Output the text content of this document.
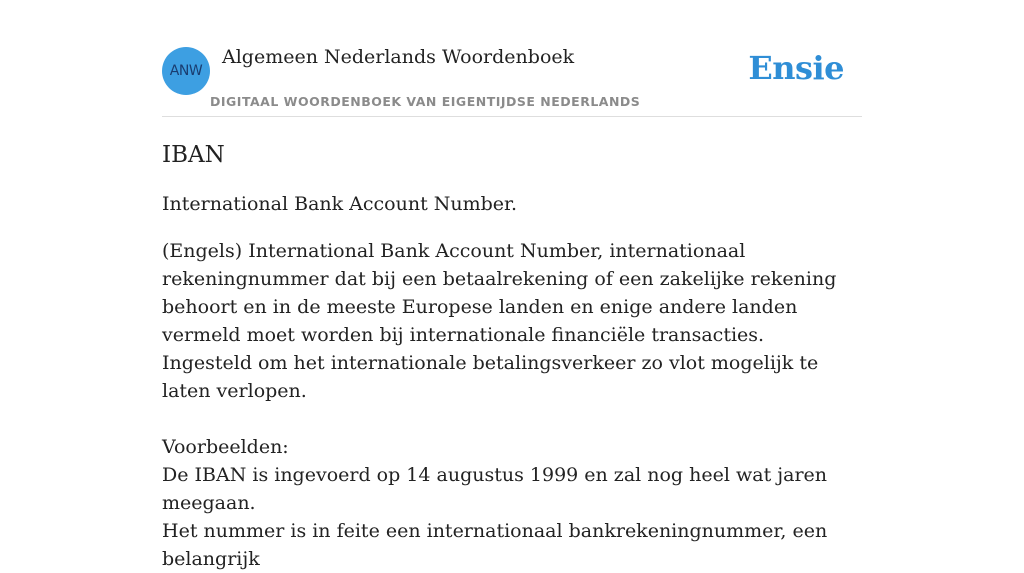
ANW
Algemeen Nederlands Woordenboek
DIGITAAL WOORDENBOEK VAN EIGENTIJDSE NEDERLANDS
Ensie
IBAN
International Bank Account Number.

(Engels) International Bank Account Number, internationaal rekeningnummer dat bij een betaalrekening of een zakelijke rekening behoort en in de meeste Europese landen en enige andere landen vermeld moet worden bij internationale financiële transacties.

Ingesteld om het internationale betalingsverkeer zo vlot mogelijk te laten verlopen.

Voorbeelden:

De IBAN is ingevoerd op 14 augustus 1999 en zal nog heel wat jaren meegaan.

Het nummer is in feite een internationaal bankrekeningnummer, een belangrijk
